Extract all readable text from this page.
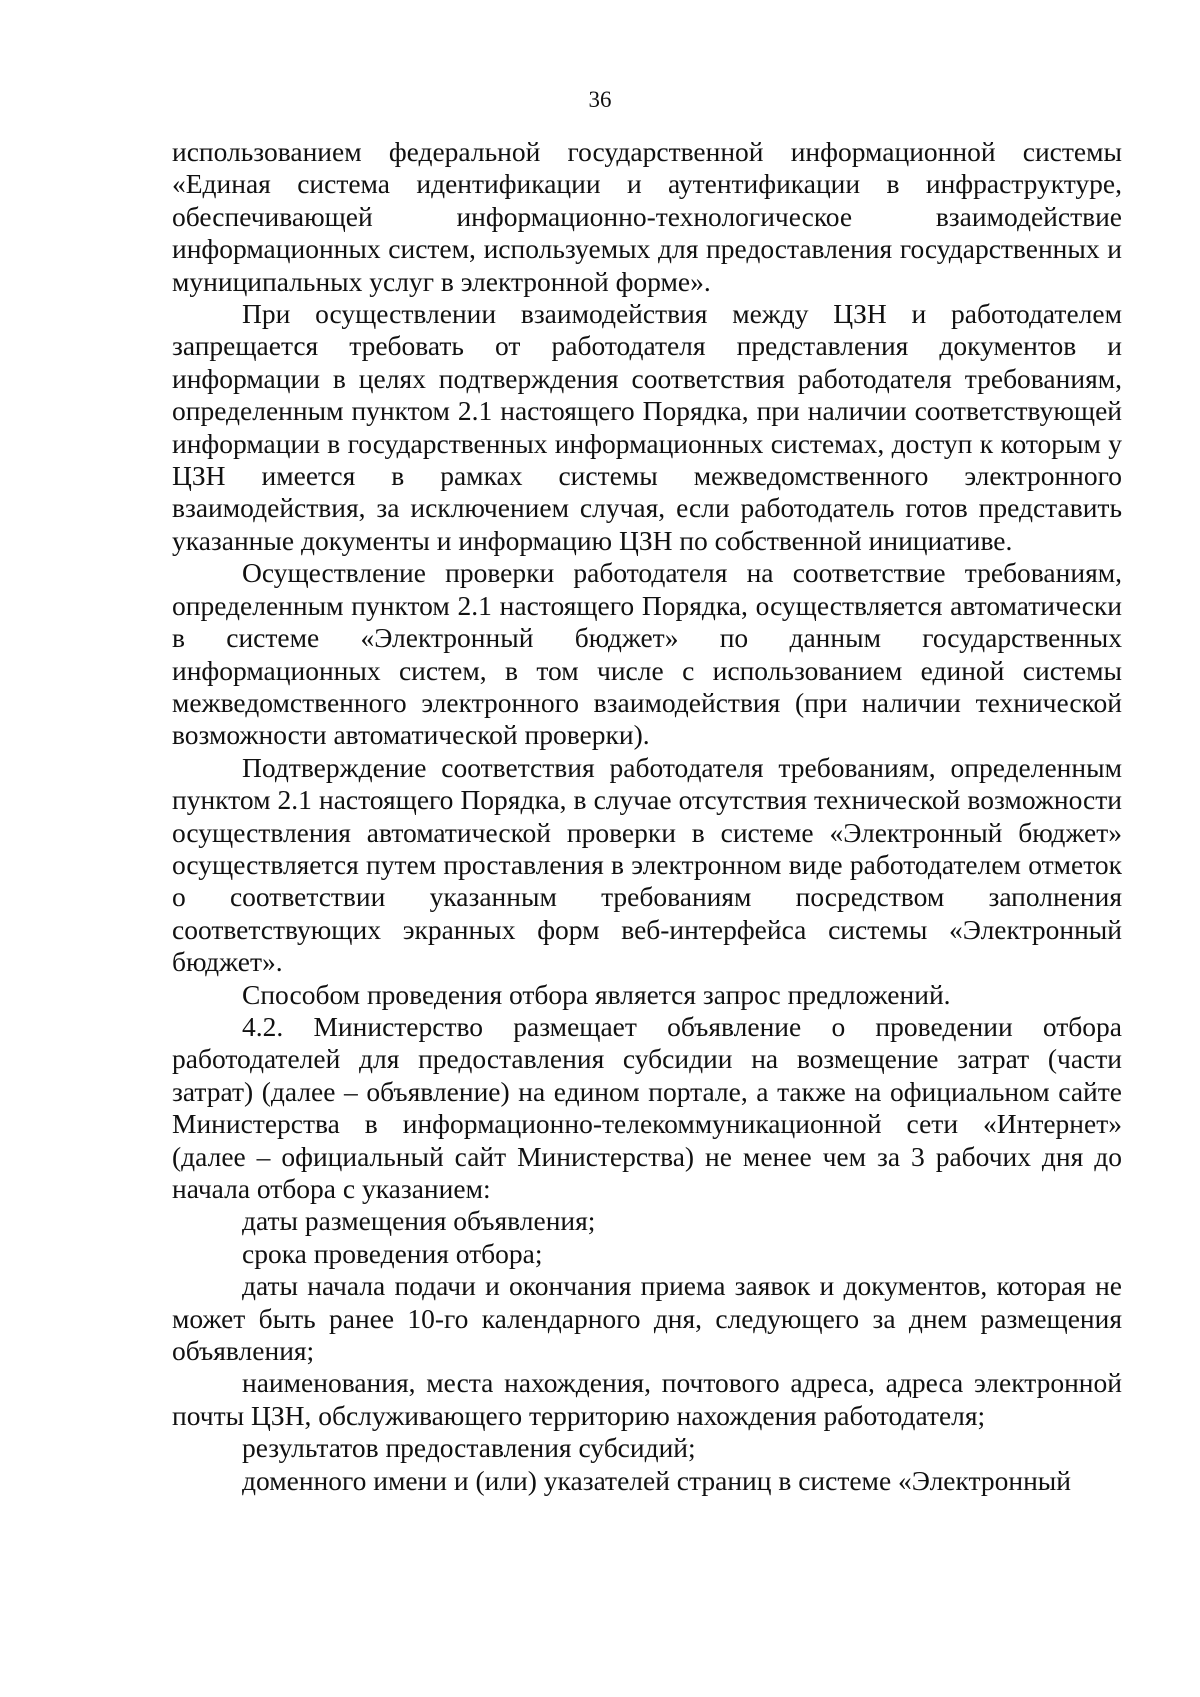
36

использованием федеральной государственной информационной системы «Единая система идентификации и аутентификации в инфраструктуре, обеспечивающей информационно-технологическое взаимодействие информационных систем, используемых для предоставления государственных и муниципальных услуг в электронной форме».

При осуществлении взаимодействия между ЦЗН и работодателем запрещается требовать от работодателя представления документов и информации в целях подтверждения соответствия работодателя требованиям, определенным пунктом 2.1 настоящего Порядка, при наличии соответствующей информации в государственных информационных системах, доступ к которым у ЦЗН имеется в рамках системы межведомственного электронного взаимодействия, за исключением случая, если работодатель готов представить указанные документы и информацию ЦЗН по собственной инициативе.

Осуществление проверки работодателя на соответствие требованиям, определенным пунктом 2.1 настоящего Порядка, осуществляется автоматически в системе «Электронный бюджет» по данным государственных информационных систем, в том числе с использованием единой системы межведомственного электронного взаимодействия (при наличии технической возможности автоматической проверки).

Подтверждение соответствия работодателя требованиям, определенным пунктом 2.1 настоящего Порядка, в случае отсутствия технической возможности осуществления автоматической проверки в системе «Электронный бюджет» осуществляется путем проставления в электронном виде работодателем отметок о соответствии указанным требованиям посредством заполнения соответствующих экранных форм веб-интерфейса системы «Электронный бюджет».

Способом проведения отбора является запрос предложений.

4.2. Министерство размещает объявление о проведении отбора работодателей для предоставления субсидии на возмещение затрат (части затрат) (далее – объявление) на едином портале, а также на официальном сайте Министерства в информационно-телекоммуникационной сети «Интернет» (далее – официальный сайт Министерства) не менее чем за 3 рабочих дня до начала отбора с указанием:

даты размещения объявления;

срока проведения отбора;

даты начала подачи и окончания приема заявок и документов, которая не может быть ранее 10-го календарного дня, следующего за днем размещения объявления;

наименования, места нахождения, почтового адреса, адреса электронной почты ЦЗН, обслуживающего территорию нахождения работодателя;

результатов предоставления субсидий;

доменного имени и (или) указателей страниц в системе «Электронный
